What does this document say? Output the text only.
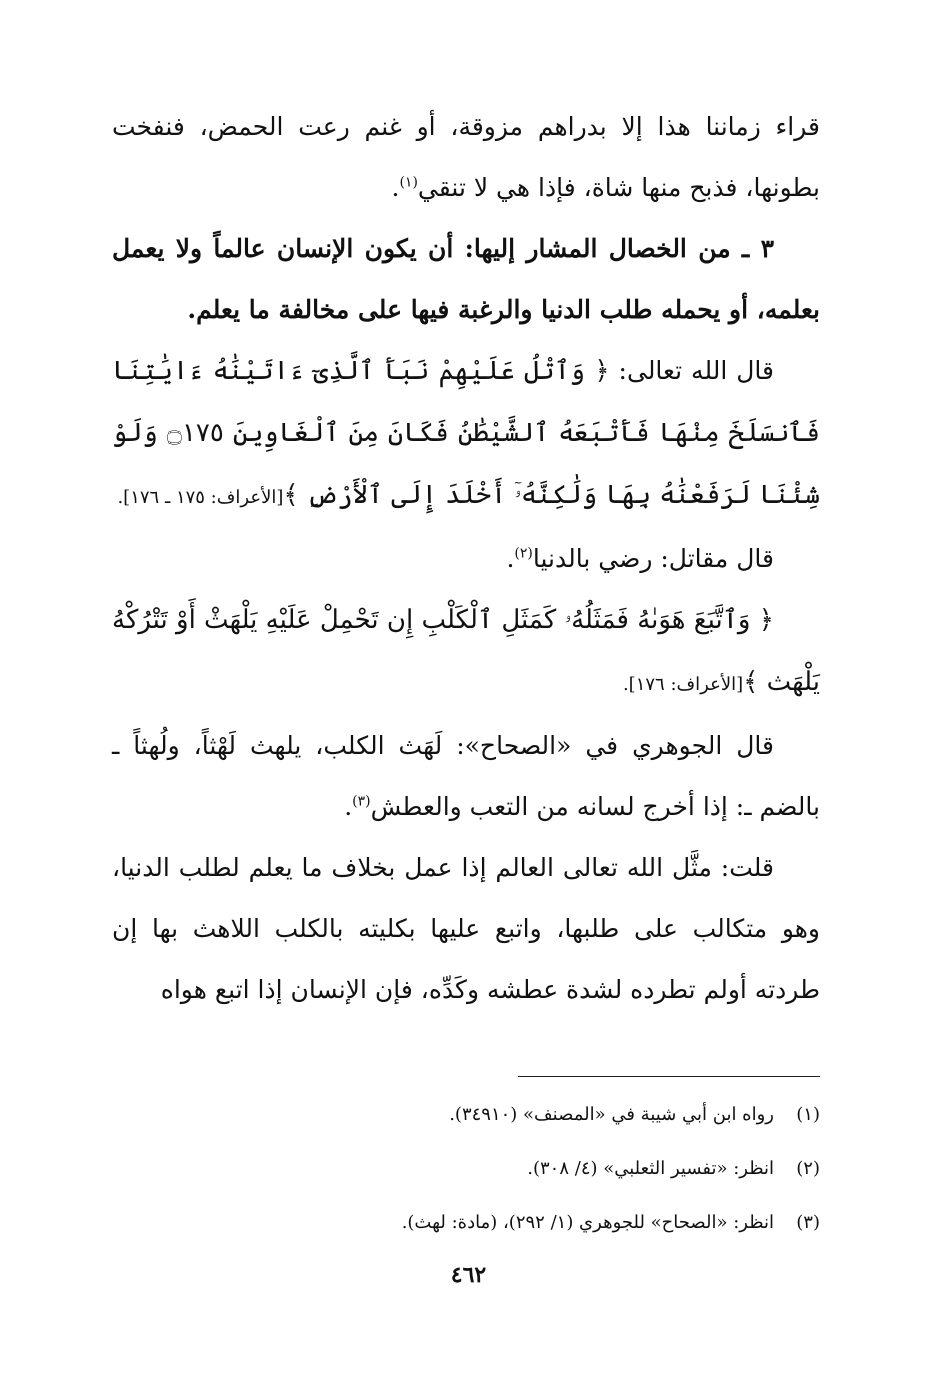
قراء زماننا هذا إلا بدراهم مزوقة، أو غنم رعت الحمض، فنفخت بطونها، فذبح منها شاة، فإذا هي لا تنقي$^{(١)}$.

٣ ـ من الخصال المشار إليها: أن يكون الإنسان عالماً ولا يعمل بعلمه، أو يحمله طلب الدنيا والرغبة فيها على مخالفة ما يعلم.

قال الله تعالى: ﴿ وَٱتْلُ عَلَيْهِمْ نَبَأَ ٱلَّذِىٓ ءَاتَيْنَٰهُ ءَايَٰتِنَا فَٱنسَلَخَ مِنْهَا فَأَتْبَعَهُ ٱلشَّيْطَٰنُ فَكَانَ مِنَ ٱلْغَاوِينَ ۝١٧٥ وَلَوْ شِئْنَا لَرَفَعْنَٰهُ بِهَا وَلَٰكِنَّهُۥٓ أَخْلَدَ إِلَى ٱلْأَرْضِ ﴾[الأعراف: ١٧٥ ـ ١٧٦].

قال مقاتل: رضي بالدنيا$^{(٢)}$.

﴿ وَٱتَّبَعَ هَوَىٰهُ فَمَثَلُهُۥ كَمَثَلِ ٱلْكَلْبِ إِن تَحْمِلْ عَلَيْهِ يَلْهَثْ أَوْ تَتْرُكْهُ يَلْهَث ﴾[الأعراف: ١٧٦].

قال الجوهري في «الصحاح»: لَهَث الكلب، يلهث لَهْثاً، ولُهثاً ـ بالضم ـ: إذا أخرج لسانه من التعب والعطش$^{(٣)}$.

قلت: مثَّل الله تعالى العالم إذا عمل بخلاف ما يعلم لطلب الدنيا، وهو متكالب على طلبها، واتبع عليها بكليته بالكلب اللاهث بها إن طردته أولم تطرده لشدة عطشه وكَدِّه، فإن الإنسان إذا اتبع هواه

(١)رواه ابن أبي شيبة في «المصنف» (٣٤٩١٠).

(٢)انظر: «تفسير الثعلبي» (٤/ ٣٠٨).

(٣)انظر: «الصحاح» للجوهري (١/ ٢٩٢)، (مادة: لهث).

٤٦٢
